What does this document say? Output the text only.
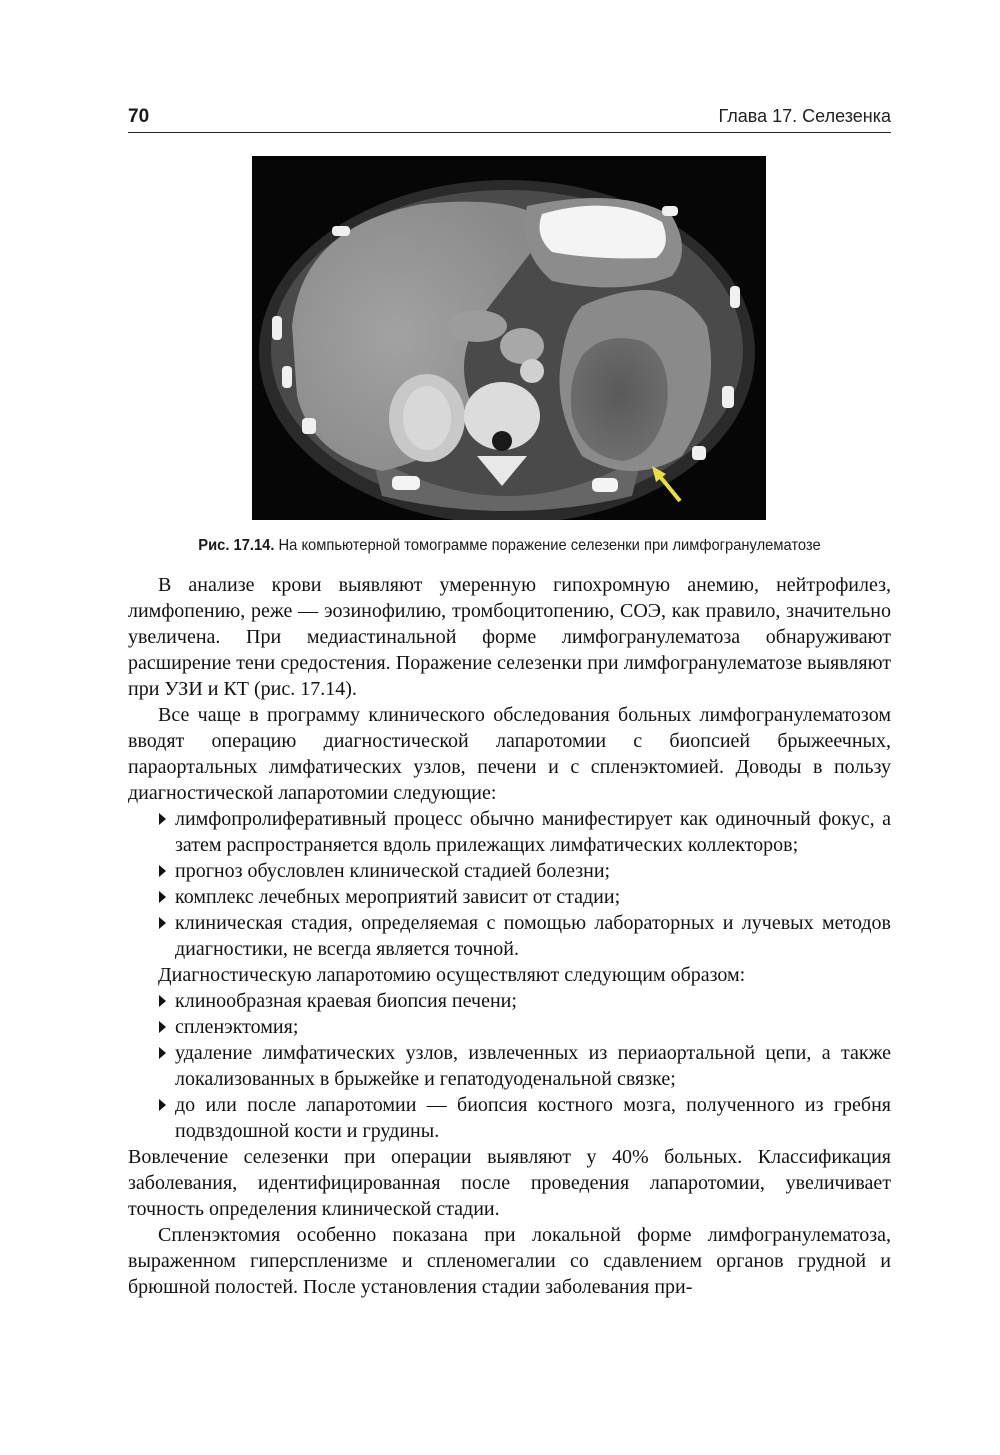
70	Глава 17. Селезенка
Рис. 17.14. На компьютерной томограмме поражение селезенки при лимфогранулематозе

В анализе крови выявляют умеренную гипохромную анемию, нейтрофилез, лимфопению, реже — эозинофилию, тромбоцитопению, СОЭ, как правило, значительно увеличена. При медиастинальной форме лимфогранулематоза обнаруживают расширение тени средостения. Поражение селезенки при лимфогранулематозе выявляют при УЗИ и КТ (рис. 17.14).

Все чаще в программу клинического обследования больных лимфогранулематозом вводят операцию диагностической лапаротомии с биопсией брыжеечных, параортальных лимфатических узлов, печени и с спленэктомией. Доводы в пользу диагностической лапаротомии следующие:

лимфопролиферативный процесс обычно манифестирует как одиночный фокус, а затем распространяется вдоль прилежащих лимфатических коллекторов;
прогноз обусловлен клинической стадией болезни;
комплекс лечебных мероприятий зависит от стадии;
клиническая стадия, определяемая с помощью лабораторных и лучевых методов диагностики, не всегда является точной.

Диагностическую лапаротомию осуществляют следующим образом:

клинообразная краевая биопсия печени;
спленэктомия;
удаление лимфатических узлов, извлеченных из периаортальной цепи, а также локализованных в брыжейке и гепатодуоденальной связке;
до или после лапаротомии — биопсия костного мозга, полученного из гребня подвздошной кости и грудины.

Вовлечение селезенки при операции выявляют у 40% больных. Классификация заболевания, идентифицированная после проведения лапаротомии, увеличивает точность определения клинической стадии.

Спленэктомия особенно показана при локальной форме лимфогранулематоза, выраженном гиперспленизме и спленомегалии со сдавлением органов грудной и брюшной полостей. После установления стадии заболевания при-
